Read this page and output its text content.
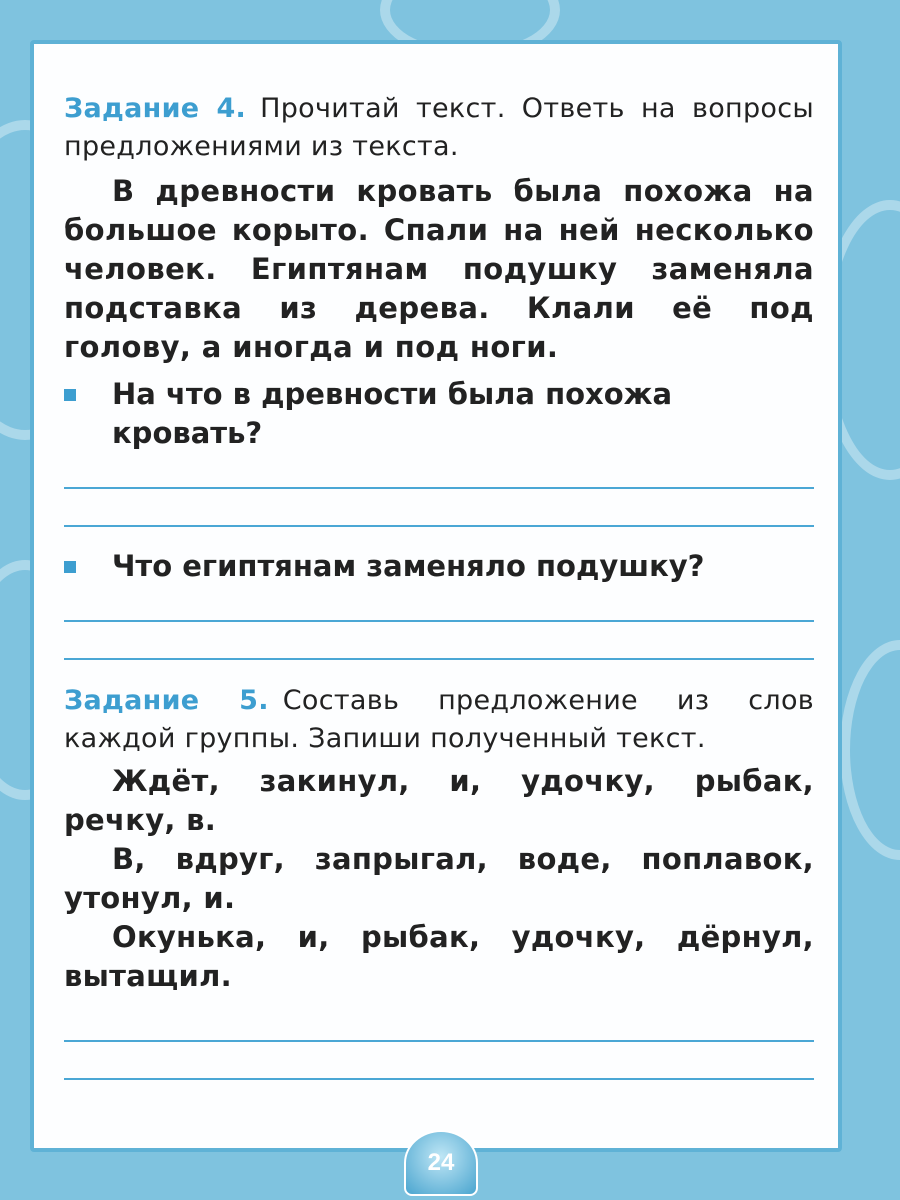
Задание 4. Прочитай текст. Ответь на вопросы предложениями из текста.

В древности кровать была похожа на большое корыто. Спали на ней несколько человек. Египтянам подушку заменяла подставка из дерева. Клали её под голову, а иногда и под ноги.

На что в древности была похожа кровать?
Что египтянам заменяло подушку?
Задание 5. Составь предложение из слов каждой группы. Запиши полученный текст.

Ждёт, закинул, и, удочку, рыбак, речку, в.

В, вдруг, запрыгал, воде, поплавок, утонул, и.

Окунька, и, рыбак, удочку, дёрнул, вытащил.

24
